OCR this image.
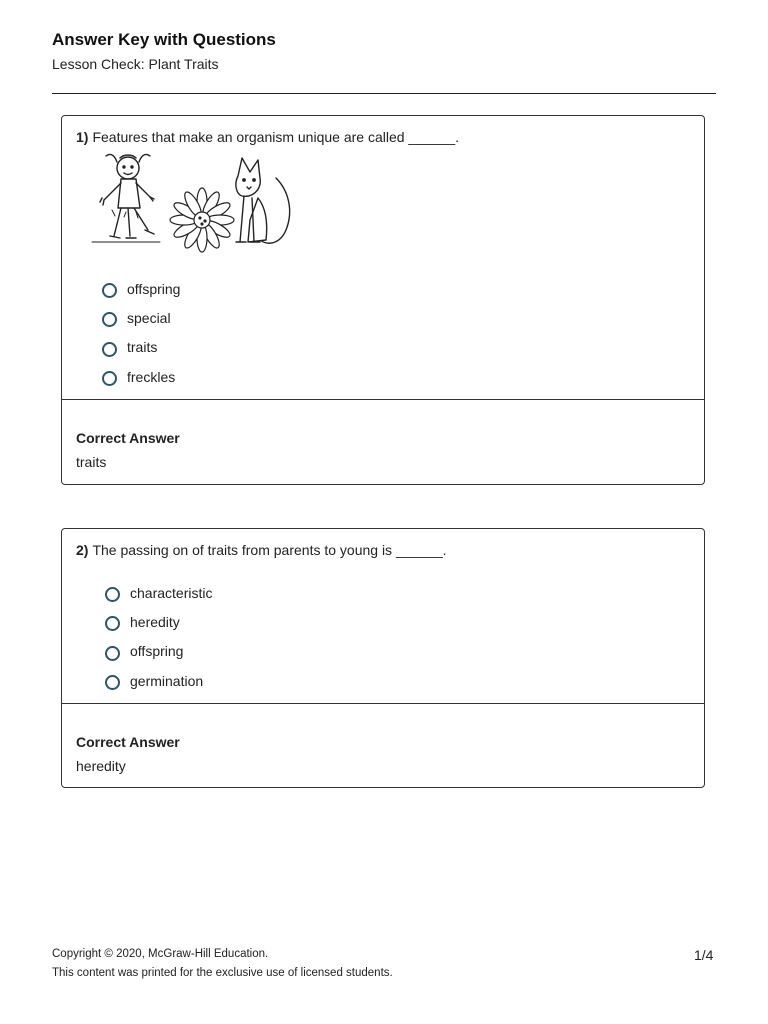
Answer Key with Questions
Lesson Check: Plant Traits
1) Features that make an organism unique are called ______.
offspring
special
traits
freckles
Correct Answer
traits
2) The passing on of traits from parents to young is ______.
characteristic
heredity
offspring
germination
Correct Answer
heredity
Copyright © 2020, McGraw-Hill Education.
This content was printed for the exclusive use of licensed students.
1/4
